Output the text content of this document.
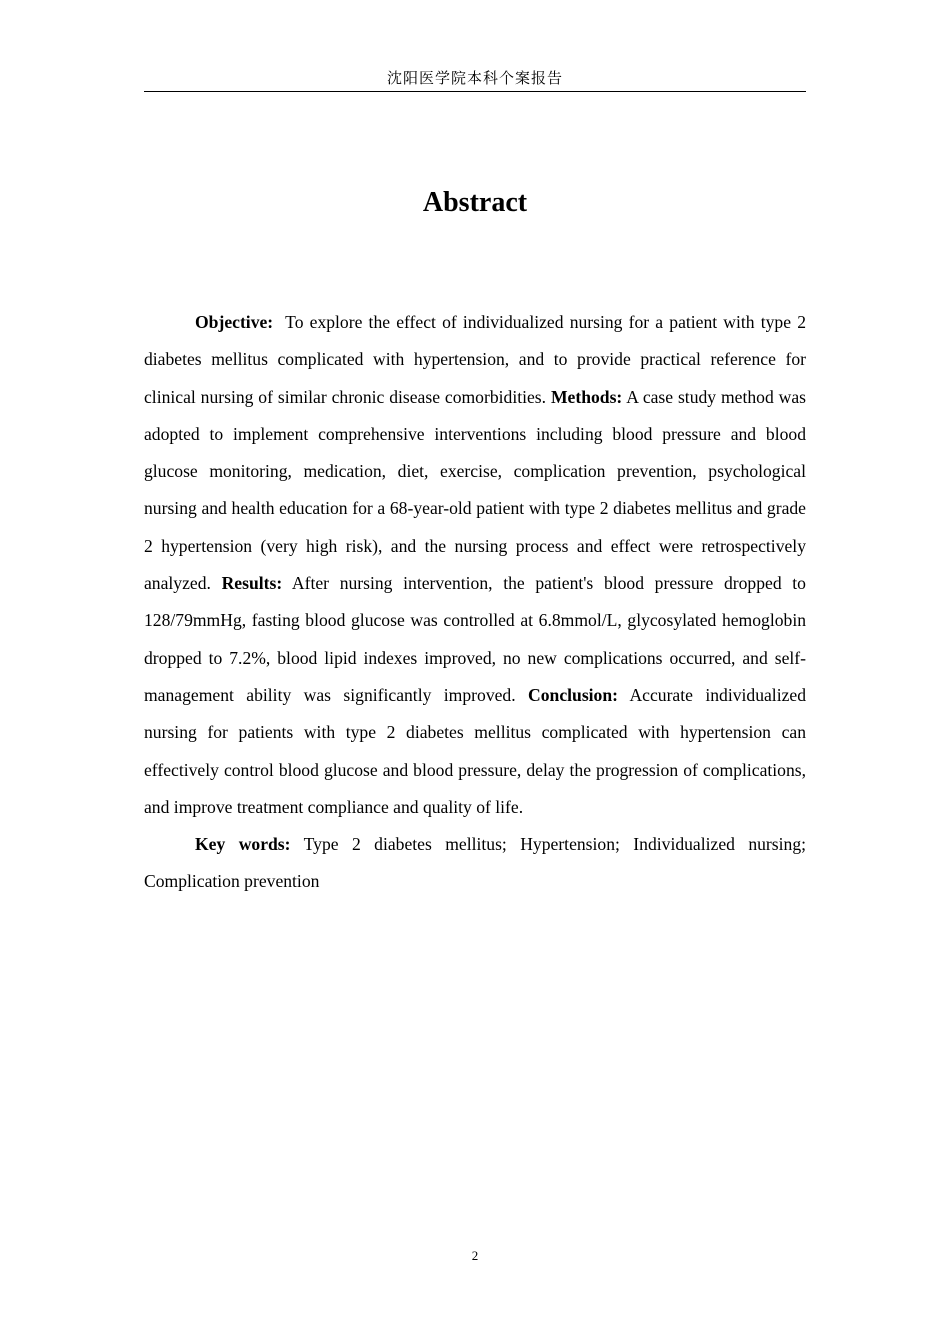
沈阳医学院本科个案报告
Abstract

Objective: To explore the effect of individualized nursing for a patient with type 2 diabetes mellitus complicated with hypertension, and to provide practical reference for clinical nursing of similar chronic disease comorbidities. Methods: A case study method was adopted to implement comprehensive interventions including blood pressure and blood glucose monitoring, medication, diet, exercise, complication prevention, psychological nursing and health education for a 68-year-old patient with type 2 diabetes mellitus and grade 2 hypertension (very high risk), and the nursing process and effect were retrospectively analyzed. Results: After nursing intervention, the patient's blood pressure dropped to 128/79mmHg, fasting blood glucose was controlled at 6.8mmol/L, glycosylated hemoglobin dropped to 7.2%, blood lipid indexes improved, no new complications occurred, and self-management ability was significantly improved. Conclusion: Accurate individualized nursing for patients with type 2 diabetes mellitus complicated with hypertension can effectively control blood glucose and blood pressure, delay the progression of complications, and improve treatment compliance and quality of life.

Key words: Type 2 diabetes mellitus; Hypertension; Individualized nursing; Complication prevention

2
